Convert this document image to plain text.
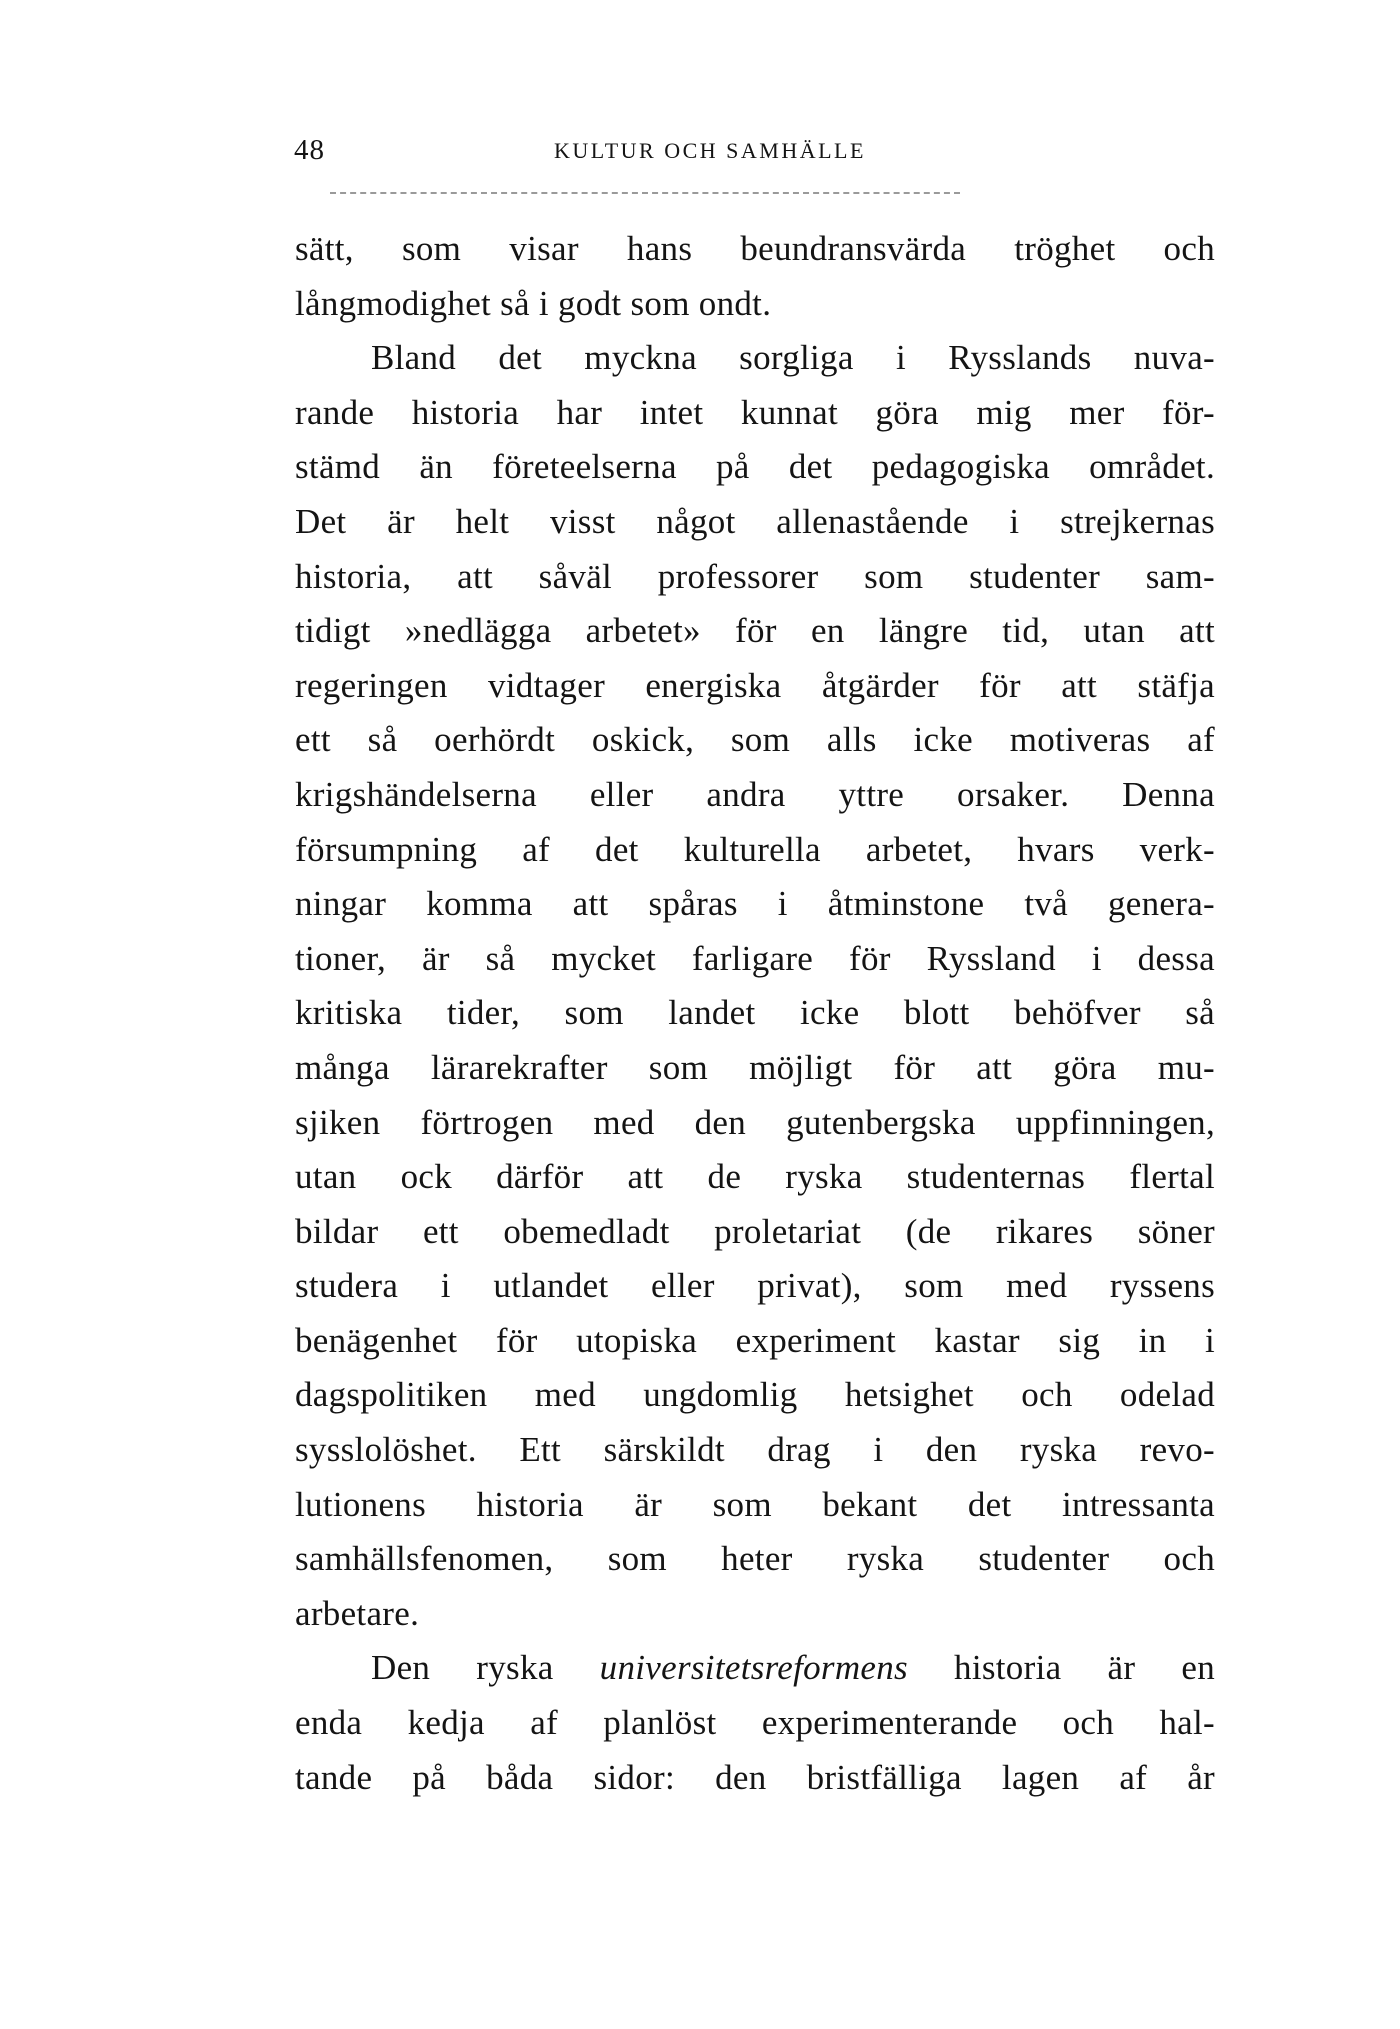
48	KULTUR OCH SAMHÄLLE
sätt, som visar hans beundransvärda tröghet och
långmodighet så i godt som ondt.
Bland det myckna sorgliga i Rysslands nuva-
rande historia har intet kunnat göra mig mer för-
stämd än företeelserna på det pedagogiska området.
Det är helt visst något allenastående i strejkernas
historia, att såväl professorer som studenter sam-
tidigt »nedlägga arbetet» för en längre tid, utan att
regeringen vidtager energiska åtgärder för att stäfja
ett så oerhördt oskick, som alls icke motiveras af
krigshändelserna eller andra yttre orsaker. Denna
försumpning af det kulturella arbetet, hvars verk-
ningar komma att spåras i åtminstone två genera-
tioner, är så mycket farligare för Ryssland i dessa
kritiska tider, som landet icke blott behöfver så
många lärarekrafter som möjligt för att göra mu-
sjiken förtrogen med den gutenbergska uppfinningen,
utan ock därför att de ryska studenternas flertal
bildar ett obemedladt proletariat (de rikares söner
studera i utlandet eller privat), som med ryssens
benägenhet för utopiska experiment kastar sig in i
dagspolitiken med ungdomlig hetsighet och odelad
sysslolöshet. Ett särskildt drag i den ryska revo-
lutionens historia är som bekant det intressanta
samhällsfenomen, som heter ryska studenter och
arbetare.
Den ryska universitetsreformens historia är en
enda kedja af planlöst experimenterande och hal-
tande på båda sidor: den bristfälliga lagen af år
